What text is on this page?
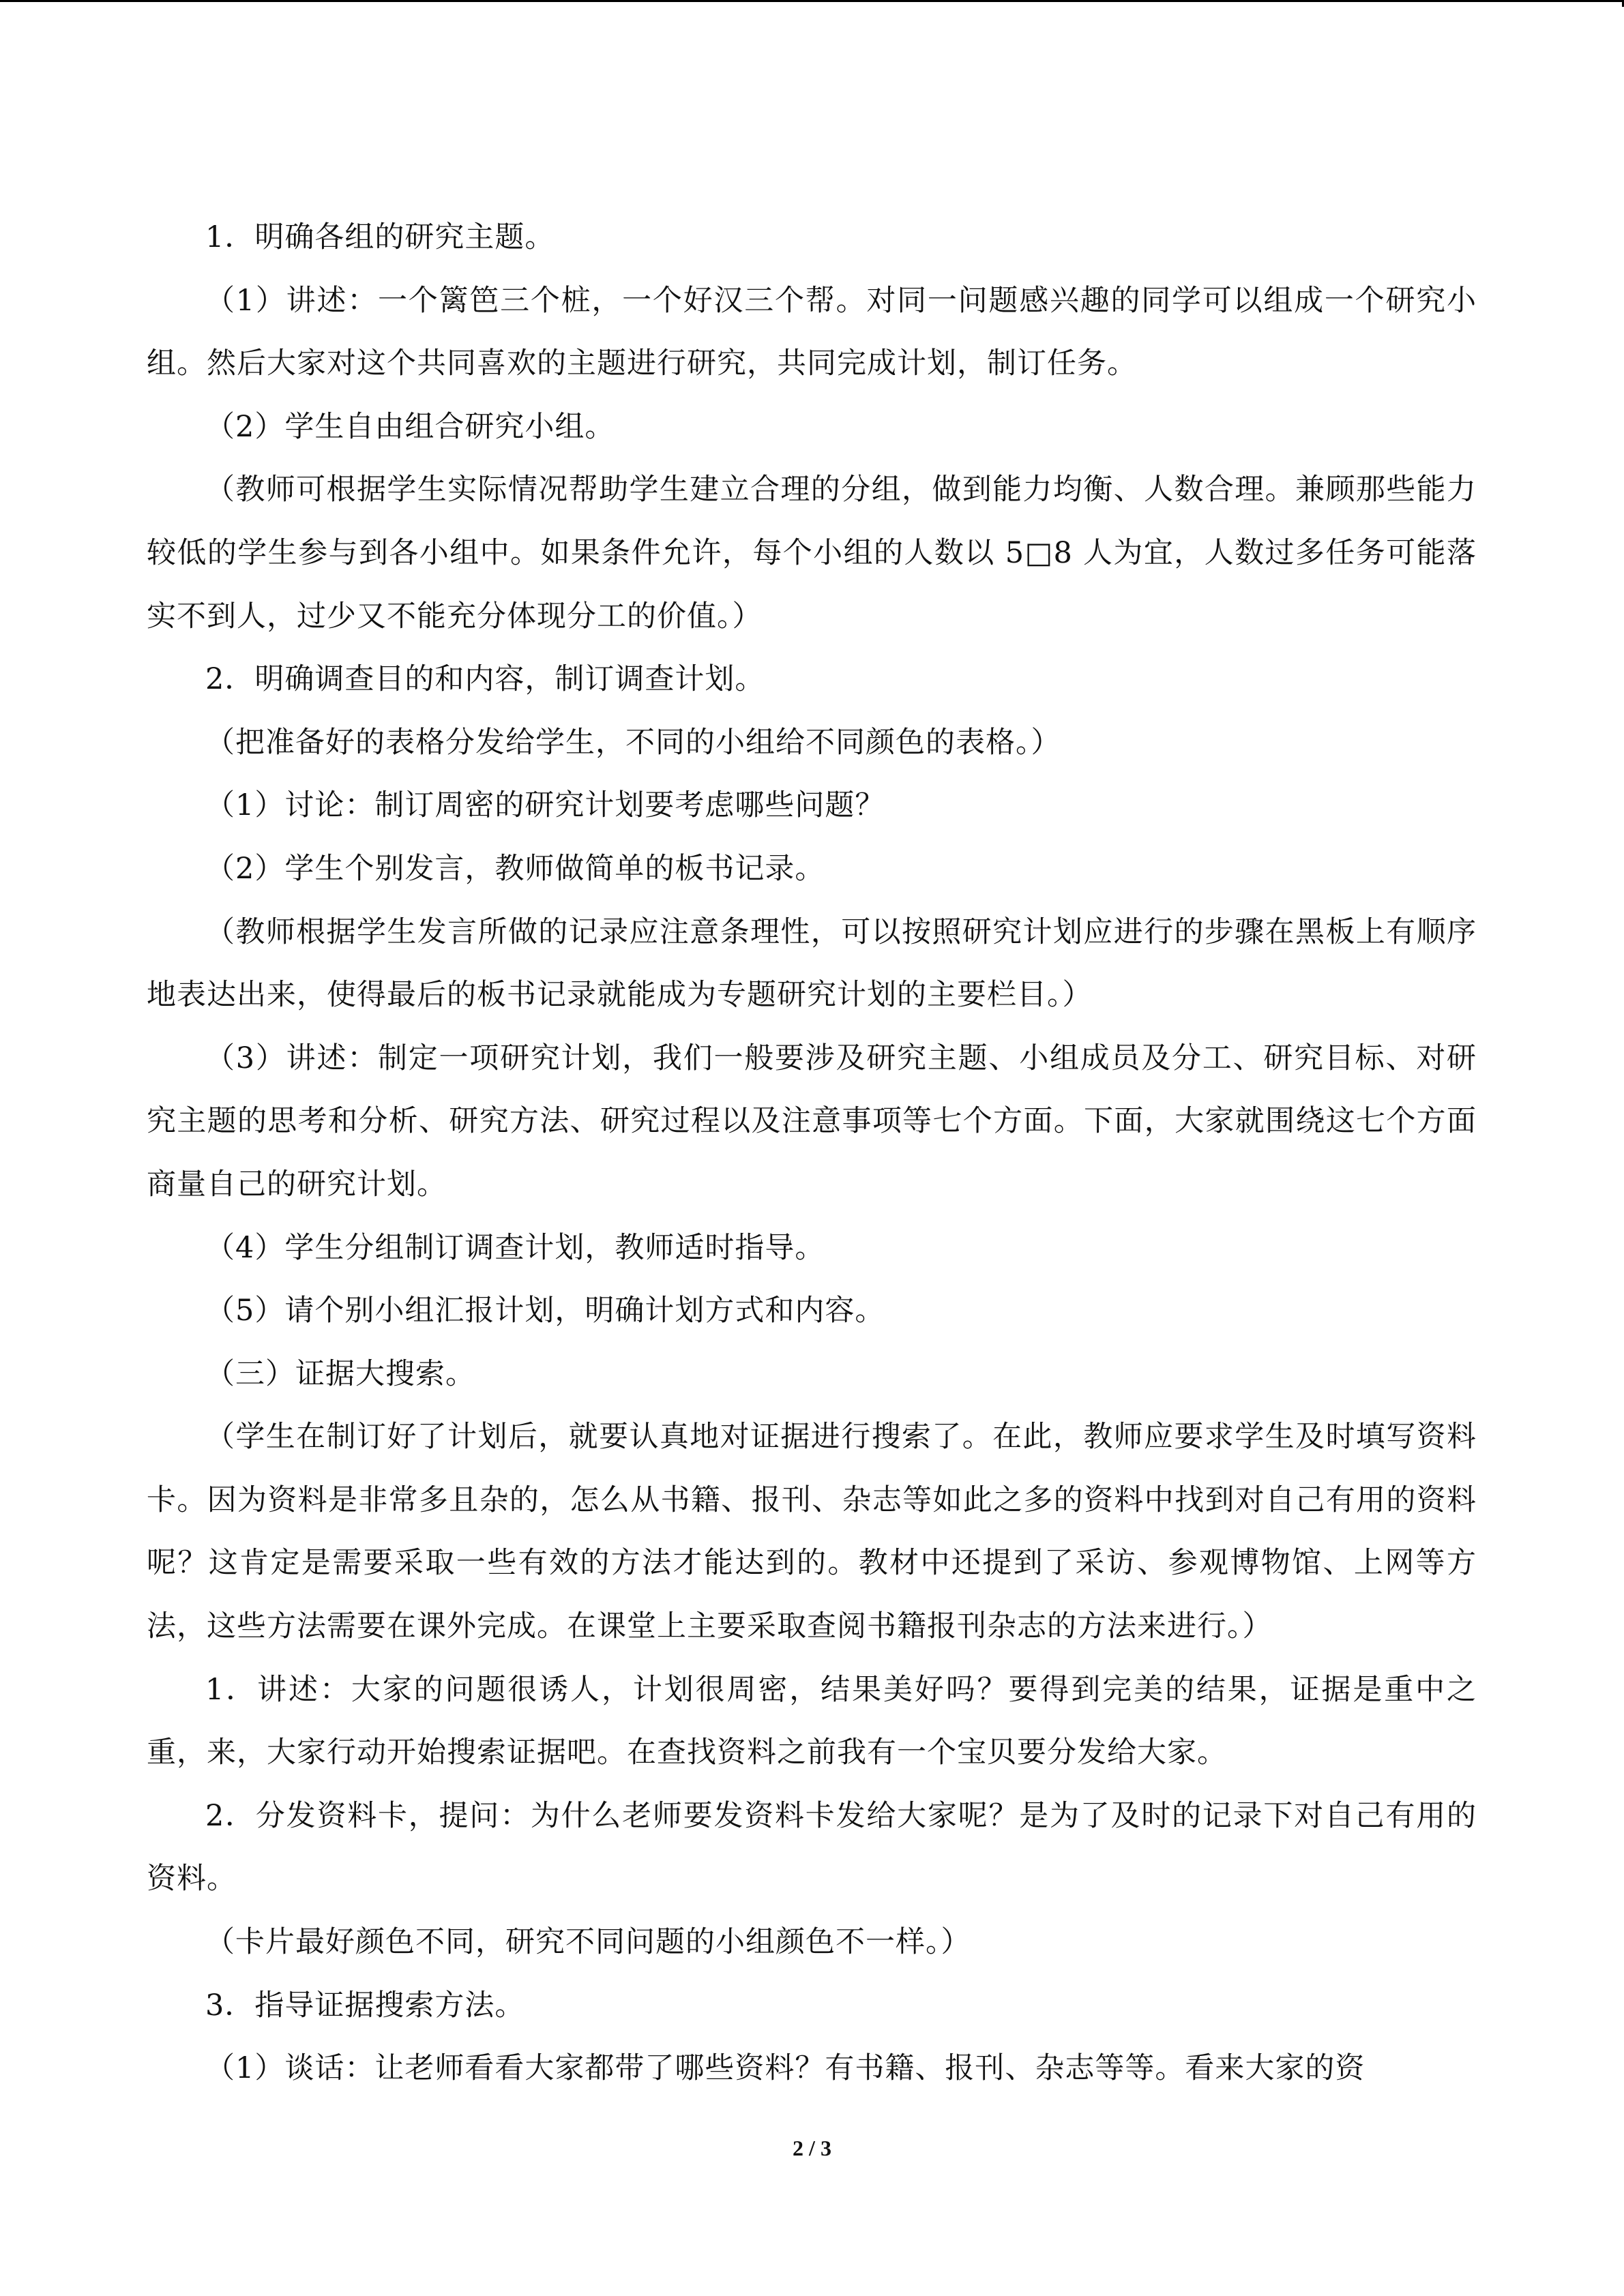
1．明确各组的研究主题。

（1）讲述：一个篱笆三个桩，一个好汉三个帮。对同一问题感兴趣的同学可以组成一个研究小组。然后大家对这个共同喜欢的主题进行研究，共同完成计划，制订任务。

（2）学生自由组合研究小组。

（教师可根据学生实际情况帮助学生建立合理的分组，做到能力均衡、人数合理。兼顾那些能力较低的学生参与到各小组中。如果条件允许，每个小组的人数以 5□8 人为宜，人数过多任务可能落实不到人，过少又不能充分体现分工的价值。）

2．明确调查目的和内容，制订调查计划。

（把准备好的表格分发给学生，不同的小组给不同颜色的表格。）

（1）讨论：制订周密的研究计划要考虑哪些问题？

（2）学生个别发言，教师做简单的板书记录。

（教师根据学生发言所做的记录应注意条理性，可以按照研究计划应进行的步骤在黑板上有顺序地表达出来，使得最后的板书记录就能成为专题研究计划的主要栏目。）

（3）讲述：制定一项研究计划，我们一般要涉及研究主题、小组成员及分工、研究目标、对研究主题的思考和分析、研究方法、研究过程以及注意事项等七个方面。下面，大家就围绕这七个方面商量自己的研究计划。

（4）学生分组制订调查计划，教师适时指导。

（5）请个别小组汇报计划，明确计划方式和内容。

（三）证据大搜索。

（学生在制订好了计划后，就要认真地对证据进行搜索了。在此，教师应要求学生及时填写资料卡。因为资料是非常多且杂的，怎么从书籍、报刊、杂志等如此之多的资料中找到对自己有用的资料呢？这肯定是需要采取一些有效的方法才能达到的。教材中还提到了采访、参观博物馆、上网等方法，这些方法需要在课外完成。在课堂上主要采取查阅书籍报刊杂志的方法来进行。）

1．讲述：大家的问题很诱人，计划很周密，结果美好吗？要得到完美的结果，证据是重中之重，来，大家行动开始搜索证据吧。在查找资料之前我有一个宝贝要分发给大家。

2．分发资料卡，提问：为什么老师要发资料卡发给大家呢？是为了及时的记录下对自己有用的资料。

（卡片最好颜色不同，研究不同问题的小组颜色不一样。）

3．指导证据搜索方法。

（1）谈话：让老师看看大家都带了哪些资料？有书籍、报刊、杂志等等。看来大家的资

2 / 3
